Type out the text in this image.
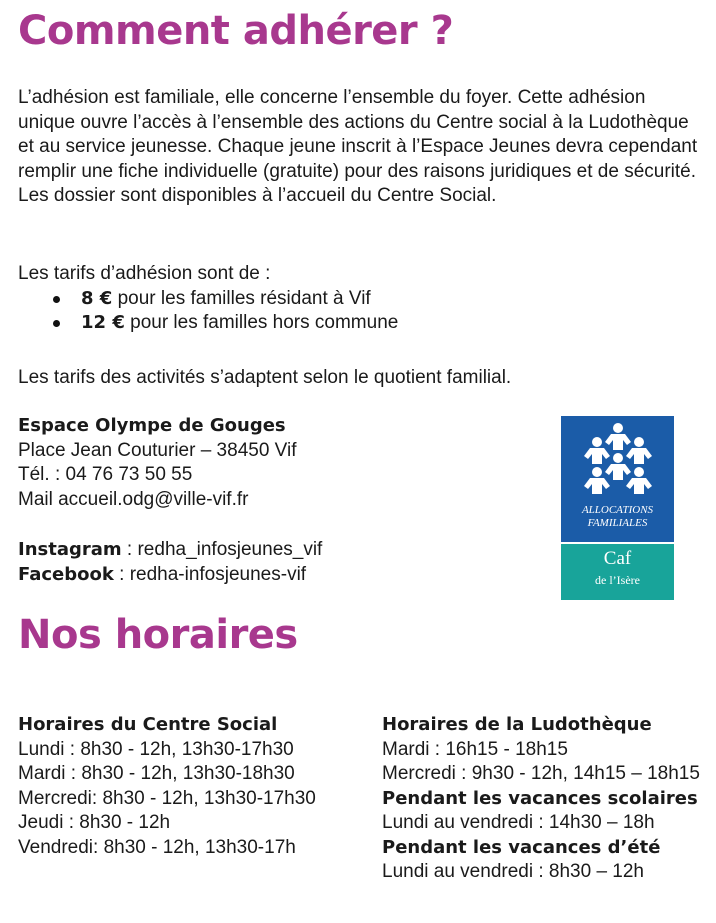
Comment adhérer ?
L’adhésion est familiale, elle concerne l’ensemble du foyer. Cette adhésion unique ouvre l’accès à l’ensemble des actions du Centre social à la Ludothèque et au service jeunesse. Chaque jeune inscrit à l’Espace Jeunes devra cependant remplir une fiche individuelle (gratuite) pour des raisons juridiques et de sécurité. Les dossier sont disponibles à l’accueil du Centre Social.
Les tarifs d’adhésion sont de :
8 € pour les familles résidant à Vif
12 € pour les familles hors commune
Les tarifs des activités s’adaptent selon le quotient familial.
Espace Olympe de Gouges
Place Jean Couturier – 38450 Vif
Tél. : 04 76 73 50 55
Mail accueil.odg@ville-vif.fr
Instagram : redha_infosjeunes_vif
Facebook : redha-infosjeunes-vif
ALLOCATIONS
FAMILIALES
Caf
de l’Isère
Nos horaires
Horaires du Centre Social
Lundi : 8h30 - 12h, 13h30-17h30
Mardi : 8h30 - 12h, 13h30-18h30
Mercredi: 8h30 - 12h, 13h30-17h30
Jeudi : 8h30 - 12h
Vendredi: 8h30 - 12h, 13h30-17h
Horaires de la Ludothèque
Mardi : 16h15 - 18h15
Mercredi : 9h30 - 12h, 14h15 – 18h15
Pendant les vacances scolaires
Lundi au vendredi : 14h30 – 18h
Pendant les vacances d’été
Lundi au vendredi : 8h30 – 12h
